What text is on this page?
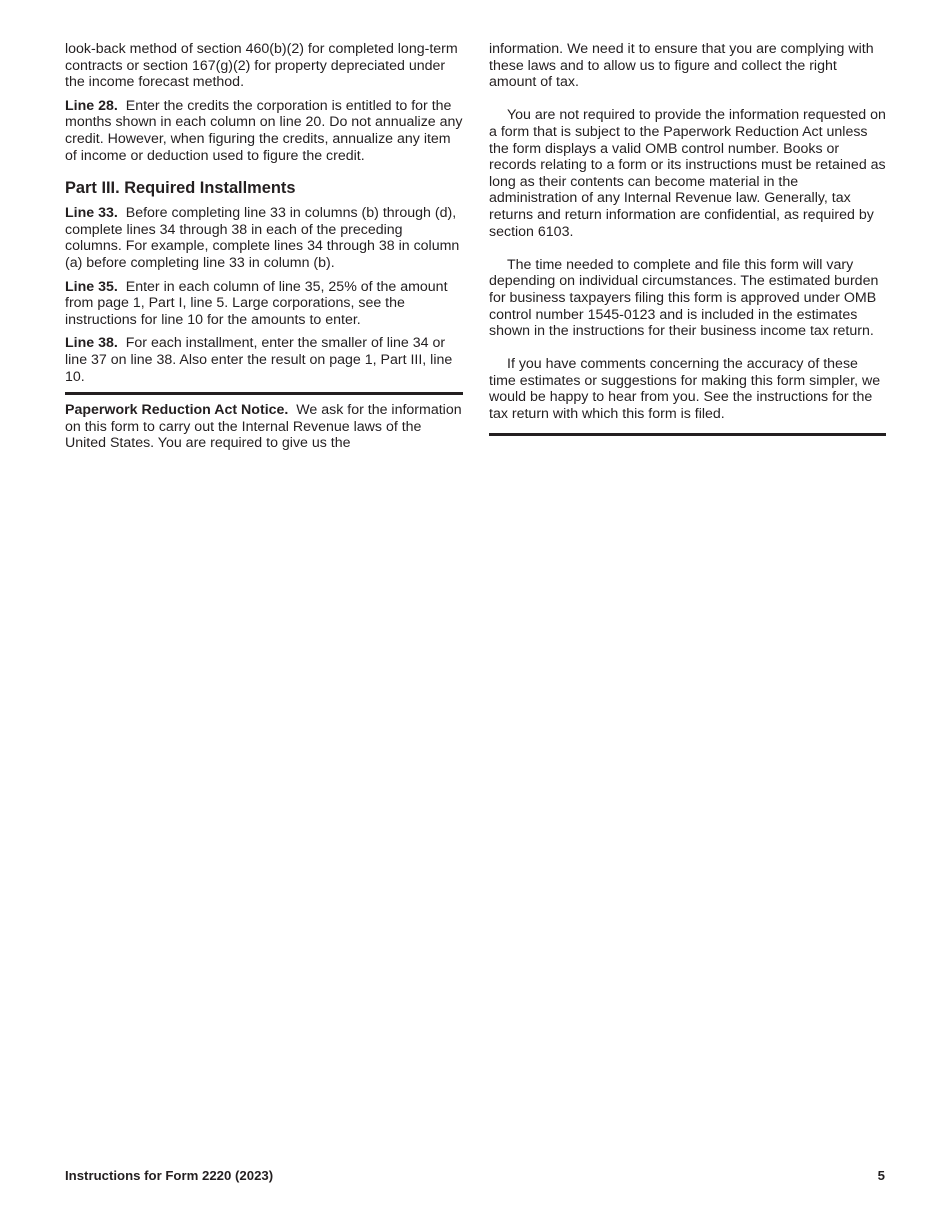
look-back method of section 460(b)(2) for completed long-term contracts or section 167(g)(2) for property depreciated under the income forecast method.

Line 28. Enter the credits the corporation is entitled to for the months shown in each column on line 20. Do not annualize any credit. However, when figuring the credits, annualize any item of income or deduction used to figure the credit.

Part III. Required Installments

Line 33. Before completing line 33 in columns (b) through (d), complete lines 34 through 38 in each of the preceding columns. For example, complete lines 34 through 38 in column (a) before completing line 33 in column (b).

Line 35. Enter in each column of line 35, 25% of the amount from page 1, Part I, line 5. Large corporations, see the instructions for line 10 for the amounts to enter.

Line 38. For each installment, enter the smaller of line 34 or line 37 on line 38. Also enter the result on page 1, Part III, line 10.

Paperwork Reduction Act Notice. We ask for the information on this form to carry out the Internal Revenue laws of the United States. You are required to give us the

information. We need it to ensure that you are complying with these laws and to allow us to figure and collect the right amount of tax.

You are not required to provide the information requested on a form that is subject to the Paperwork Reduction Act unless the form displays a valid OMB control number. Books or records relating to a form or its instructions must be retained as long as their contents can become material in the administration of any Internal Revenue law. Generally, tax returns and return information are confidential, as required by section 6103.

The time needed to complete and file this form will vary depending on individual circumstances. The estimated burden for business taxpayers filing this form is approved under OMB control number 1545-0123 and is included in the estimates shown in the instructions for their business income tax return.

If you have comments concerning the accuracy of these time estimates or suggestions for making this form simpler, we would be happy to hear from you. See the instructions for the tax return with which this form is filed.

Instructions for Form 2220 (2023)	5
